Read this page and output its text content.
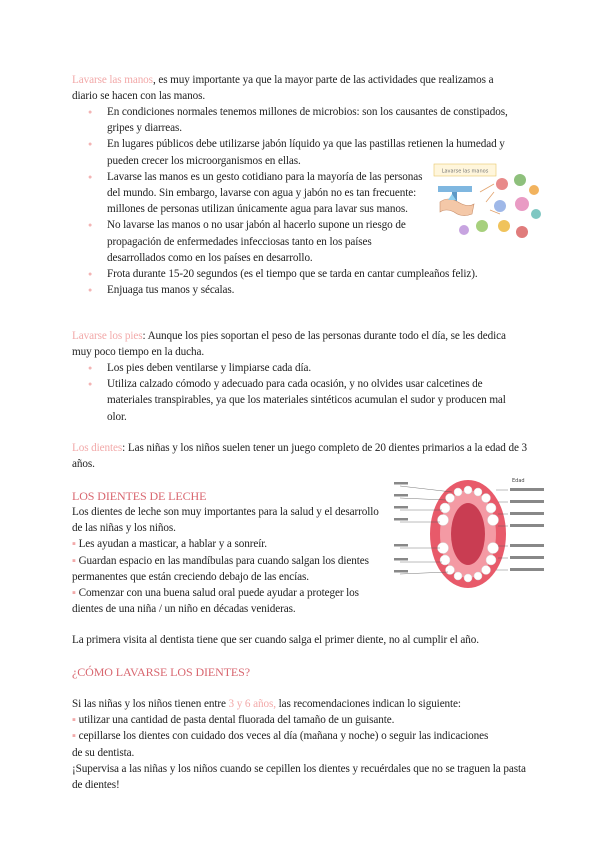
Lavarse las manos, es muy importante ya que la mayor parte de las actividades que realizamos a diario se hacen con las manos.
● En condiciones normales tenemos millones de microbios: son los causantes de constipados, gripes y diarreas.
● En lugares públicos debe utilizarse jabón líquido ya que las pastillas retienen la humedad y pueden crecer los microorganismos en ellas.
● Lavarse las manos es un gesto cotidiano para la mayoría de las personas del mundo. Sin embargo, lavarse con agua y jabón no es tan frecuente: millones de personas utilizan únicamente agua para lavar sus manos.
● No lavarse las manos o no usar jabón al hacerlo supone un riesgo de propagación de enfermedades infecciosas tanto en los países desarrollados como en los países en desarrollo.
● Frota durante 15-20 segundos (es el tiempo que se tarda en cantar cumpleaños feliz).
● Enjuaga tus manos y sécalas.
Lavarse las manos
Lavarse los pies: Aunque los pies soportan el peso de las personas durante todo el día, se les dedica muy poco tiempo en la ducha.
● Los pies deben ventilarse y limpiarse cada día.
● Utiliza calzado cómodo y adecuado para cada ocasión, y no olvides usar calcetines de materiales transpirables, ya que los materiales sintéticos acumulan el sudor y producen mal olor.
Los dientes: Las niñas y los niños suelen tener un juego completo de 20 dientes primarios a la edad de 3 años.
LOS DIENTES DE LECHE
Los dientes de leche son muy importantes para la salud y el desarrollo de las niñas y los niños.
▪ Les ayudan a masticar, a hablar y a sonreír.
▪ Guardan espacio en las mandíbulas para cuando salgan los dientes permanentes que están creciendo debajo de las encías.
▪ Comenzar con una buena salud oral puede ayudar a proteger los dientes de una niña / un niño en décadas venideras.
Edad
La primera visita al dentista tiene que ser cuando salga el primer diente, no al cumplir el año.
¿CÓMO LAVARSE LOS DIENTES?
Si las niñas y los niños tienen entre 3 y 6 años, las recomendaciones indican lo siguiente:
▪ utilizar una cantidad de pasta dental fluorada del tamaño de un guisante.
▪ cepillarse los dientes con cuidado dos veces al día (mañana y noche) o seguir las indicaciones de su dentista.
¡Supervisa a las niñas y los niños cuando se cepillen los dientes y recuérdales que no se traguen la pasta de dientes!
